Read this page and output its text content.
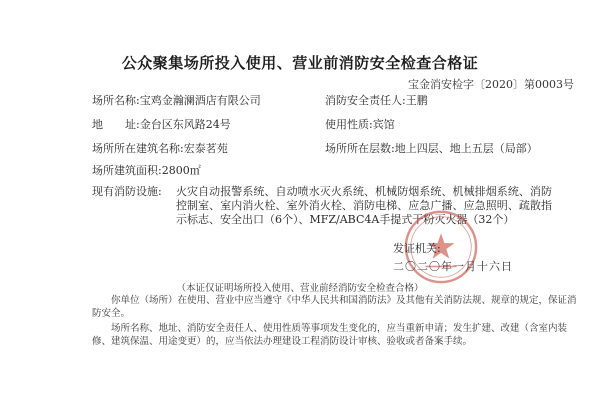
公众聚集场所投入使用、营业前消防安全检查合格证
宝金消安检字〔2020〕第0003号
场所名称:宝鸡金瀚澜酒店有限公司	消防安全责任人:王鹏
地　　址:金台区东风路24号	使用性质:宾馆
场所所在建筑名称:宏泰茗苑	场所所在层数:地上四层、地上五层（局部）
场所建筑面积:2800㎡
现有消防设施:	火灾自动报警系统、自动喷水灭火系统、机械防烟系统、机械排烟系统、消防控制室、室内消火栓、室外消火栓、消防电梯、应急广播、应急照明、疏散指示标志、安全出口（6个）、MFZ/ABC4A手提式干粉灭火器（32个）
发证机关:
二〇二〇年一月十六日
（本证仅证明场所投入使用、营业前经消防安全检查合格）
你单位（场所）在使用、营业中应当遵守《中华人民共和国消防法》及其他有关消防法规、规章的规定，保证消防安全。
场所名称、地址、消防安全责任人、使用性质等事项发生变化的，应当重新申请；发生扩建、改建（含室内装修、建筑保温、用途变更）的，应当依法办理建设工程消防设计审核、验收或者备案手续。
